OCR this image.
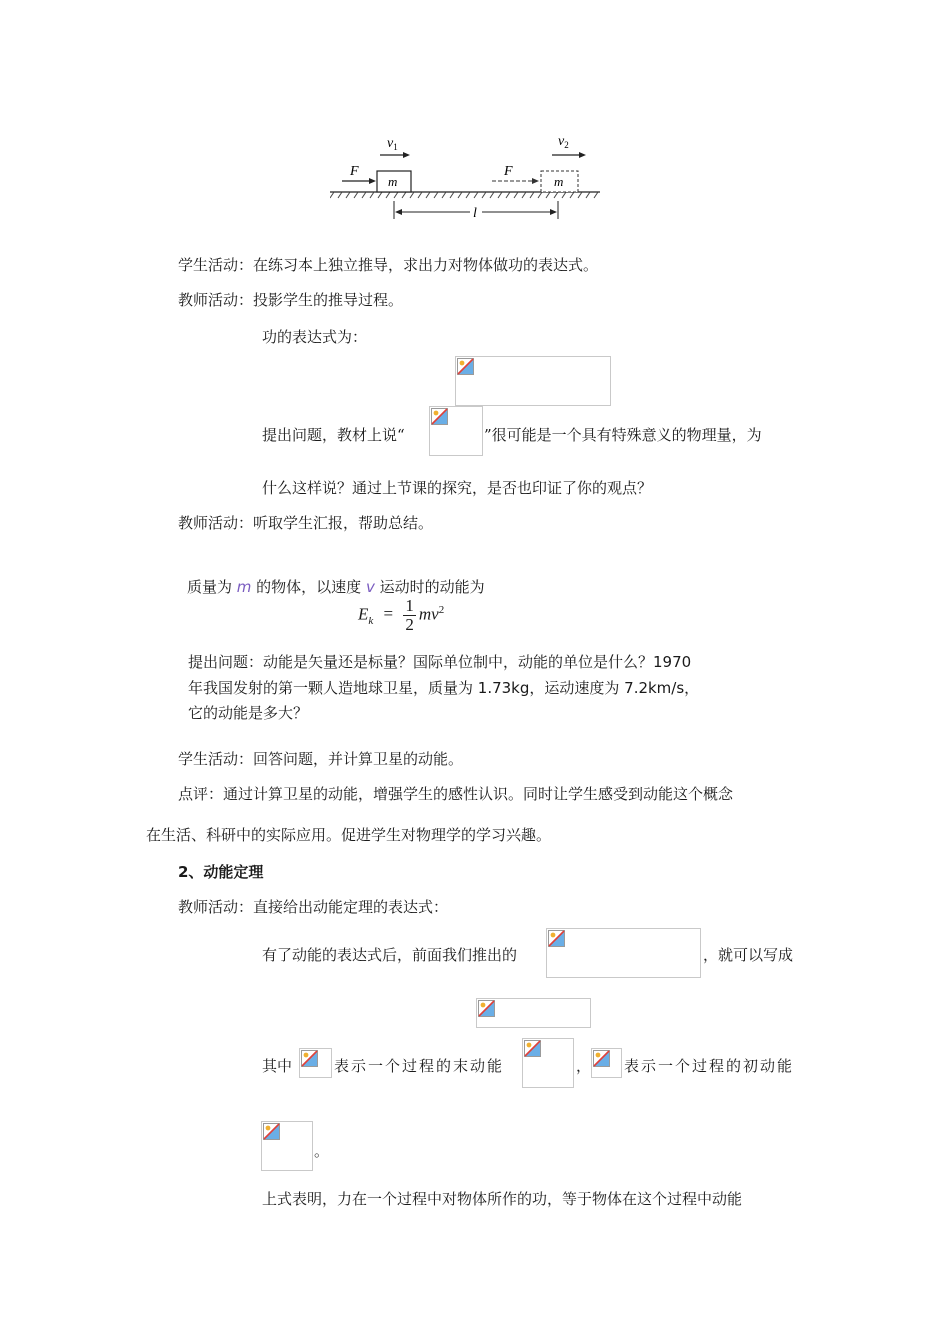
m
F
$v_1$
m
F
$v_2$
l
学生活动：在练习本上独立推导，求出力对物体做功的表达式。
教师活动：投影学生的推导过程。
功的表达式为：
提出问题，教材上说“	”很可能是一个具有特殊意义的物理量，为
什么这样说？通过上节课的探究，是否也印证了你的观点？
教师活动：听取学生汇报，帮助总结。
质量为 m 的物体，以速度 v 运动时的动能为
$E_k = \frac{1}{2} mv^2$
提出问题：动能是矢量还是标量？国际单位制中，动能的单位是什么？1970
年我国发射的第一颗人造地球卫星，质量为 1.73kg，运动速度为 7.2km/s，
它的动能是多大？
学生活动：回答问题，并计算卫星的动能。
点评：通过计算卫星的动能，增强学生的感性认识。同时让学生感受到动能这个概念
在生活、科研中的实际应用。促进学生对物理学的学习兴趣。
2、动能定理
教师活动：直接给出动能定理的表达式：
有了动能的表达式后，前面我们推出的	，就可以写成
其中	表示一个过程的末动能	， 表示一个过程的初动能
。
上式表明，力在一个过程中对物体所作的功，等于物体在这个过程中动能
